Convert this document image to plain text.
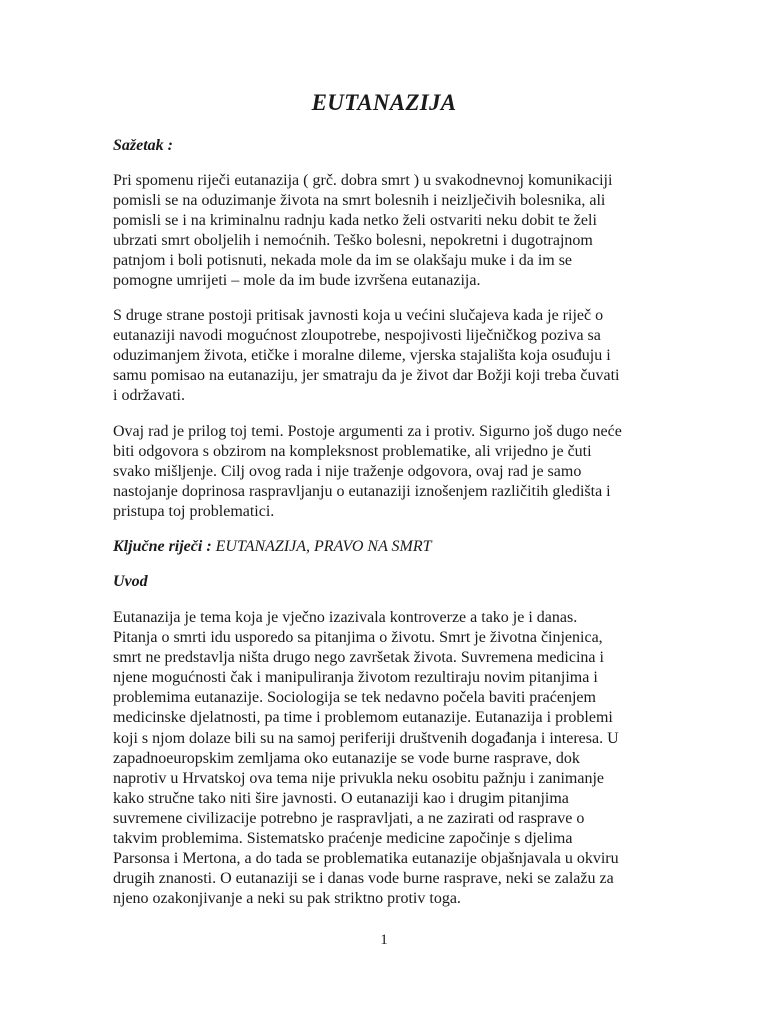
EUTANAZIJA

Sažetak :

Pri spomenu riječi eutanazija ( grč. dobra smrt ) u svakodnevnoj komunikaciji
pomisli se na oduzimanje života na smrt bolesnih i neizlječivih bolesnika, ali
pomisli se i na kriminalnu radnju kada netko želi ostvariti neku dobit te želi
ubrzati smrt oboljelih i nemoćnih. Teško bolesni, nepokretni i dugotrajnom
patnjom i boli potisnuti, nekada mole da im se olakšaju muke i da im se
pomogne umrijeti – mole da im bude izvršena eutanazija.

S druge strane postoji pritisak javnosti koja u većini slučajeva kada je riječ o
eutanaziji navodi mogućnost zloupotrebe, nespojivosti liječničkog poziva sa
oduzimanjem života, etičke i moralne dileme, vjerska stajališta koja osuđuju i
samu pomisao na eutanaziju, jer smatraju da je život dar Božji koji treba čuvati
i održavati.

Ovaj rad je prilog toj temi. Postoje argumenti za i protiv. Sigurno još dugo neće
biti odgovora s obzirom na kompleksnost problematike, ali vrijedno je čuti
svako mišljenje. Cilj ovog rada i nije traženje odgovora, ovaj rad je samo
nastojanje doprinosa raspravljanju o eutanaziji iznošenjem različitih gledišta i
pristupa toj problematici.

Ključne riječi : EUTANAZIJA, PRAVO NA SMRT

Uvod

Eutanazija je tema koja je vječno izazivala kontroverze a tako je i danas.
Pitanja o smrti idu usporedo sa pitanjima o životu. Smrt je životna činjenica,
smrt ne predstavlja ništa drugo nego završetak života. Suvremena medicina i
njene mogućnosti čak i manipuliranja životom rezultiraju novim pitanjima i
problemima eutanazije. Sociologija se tek nedavno počela baviti praćenjem
medicinske djelatnosti, pa time i problemom eutanazije. Eutanazija i problemi
koji s njom dolaze bili su na samoj periferiji društvenih događanja i interesa. U
zapadnoeuropskim zemljama oko eutanazije se vode burne rasprave, dok
naprotiv u Hrvatskoj ova tema nije privukla neku osobitu pažnju i zanimanje
kako stručne tako niti šire javnosti. O eutanaziji kao i drugim pitanjima
suvremene civilizacije potrebno je raspravljati, a ne zazirati od rasprave o
takvim problemima. Sistematsko praćenje medicine započinje s djelima
Parsonsa i Mertona, a do tada se problematika eutanazije objašnjavala u okviru
drugih znanosti. O eutanaziji se i danas vode burne rasprave, neki se zalažu za
njeno ozakonjivanje a neki su pak striktno protiv toga.

1
